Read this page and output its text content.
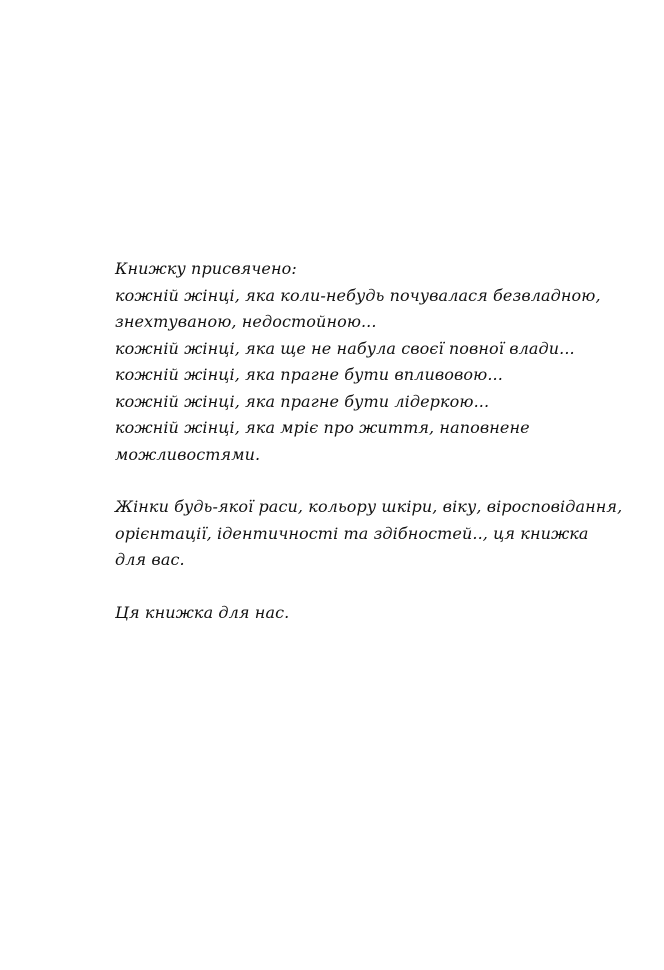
Книжку присвячено:
кожній жінці, яка коли-небудь почувалася безвладною,
знехтуваною, недостойною...
кожній жінці, яка ще не набула своєї повної влади...
кожній жінці, яка прагне бути впливовою...
кожній жінці, яка прагне бути лідеркою...
кожній жінці, яка мріє про життя, наповнене
можливостями.
Жінки будь-якої раси, кольору шкіри, віку, віросповідання,
орієнтації, ідентичності та здібностей.., ця книжка
для вас.
Ця книжка для нас.
